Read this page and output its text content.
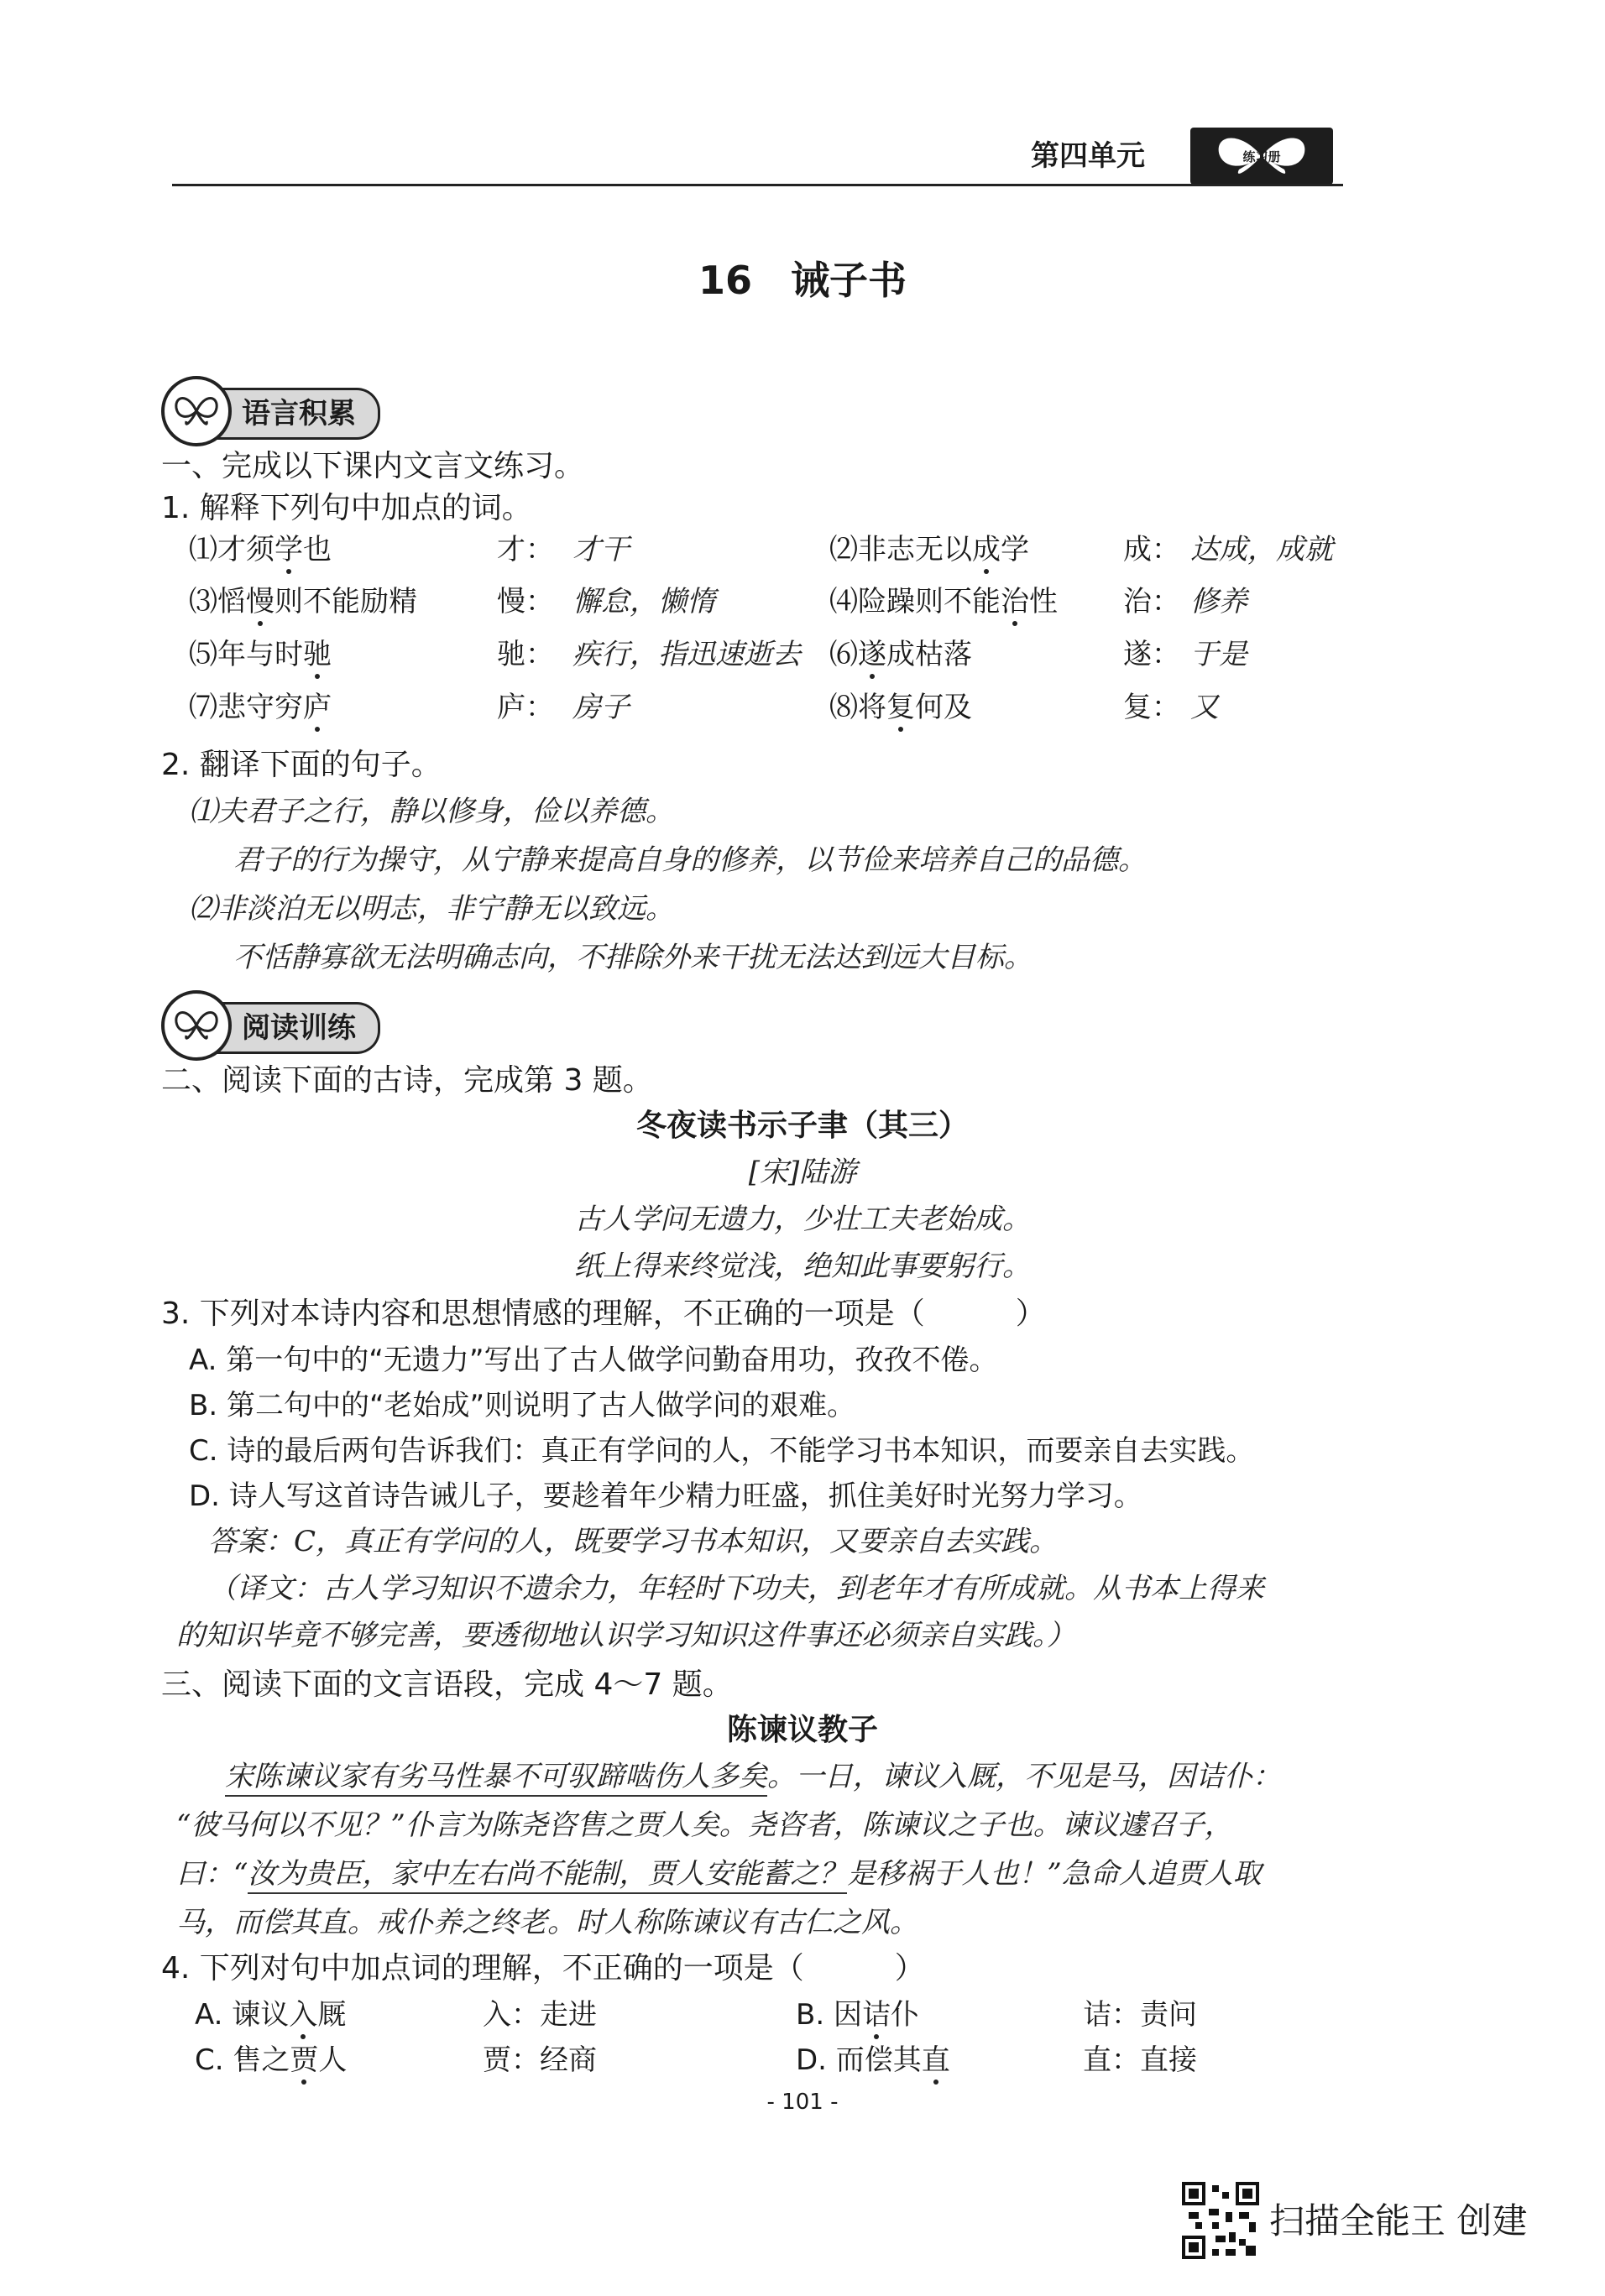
第四单元	练习册
16　诫子书
语言积累
一、完成以下课内文言文练习。
1. 解释下列句中加点的词。
⑴才须学也	才： 才干	⑵非志无以成学	成： 达成，成就
⑶慆慢则不能励精	慢： 懈怠，懒惰	⑷险躁则不能治性 治： 修养
⑸年与时驰	驰： 疾行，指迅速逝去 ⑹遂成枯落	遂： 于是
⑺悲守穷庐	庐： 房子	⑻将复何及	复： 又
2. 翻译下面的句子。
⑴夫君子之行，静以修身，俭以养德。
君子的行为操守，从宁静来提高自身的修养，以节俭来培养自己的品德。
⑵非淡泊无以明志，非宁静无以致远。
不恬静寡欲无法明确志向，不排除外来干扰无法达到远大目标。
阅读训练
二、阅读下面的古诗，完成第 3 题。
冬夜读书示子聿（其三）
[宋]陆游
古人学问无遗力，少壮工夫老始成。
纸上得来终觉浅，绝知此事要躬行。
3. 下列对本诗内容和思想情感的理解，不正确的一项是（　　　）
A. 第一句中的“无遗力”写出了古人做学问勤奋用功，孜孜不倦。
B. 第二句中的“老始成”则说明了古人做学问的艰难。
C. 诗的最后两句告诉我们：真正有学问的人，不能学习书本知识，而要亲自去实践。
D. 诗人写这首诗告诫儿子，要趁着年少精力旺盛，抓住美好时光努力学习。
答案：C，真正有学问的人，既要学习书本知识，又要亲自去实践。
（译文：古人学习知识不遗余力，年轻时下功夫，到老年才有所成就。从书本上得来
的知识毕竟不够完善，要透彻地认识学习知识这件事还必须亲自实践。）
三、阅读下面的文言语段，完成 4～7 题。
陈谏议教子
宋陈谏议家有劣马性暴不可驭蹄啮伤人多矣。一日，谏议入厩，不见是马，因诘仆：
“彼马何以不见？”仆言为陈尧咨售之贾人矣。尧咨者，陈谏议之子也。谏议遽召子，
曰：“汝为贵臣，家中左右尚不能制，贾人安能蓄之？是移祸于人也！”急命人追贾人取
马，而偿其直。戒仆养之终老。时人称陈谏议有古仁之风。
4. 下列对句中加点词的理解，不正确的一项是（　　　）
A. 谏议入厩	入：走进	B. 因诘仆	诘：责问
C. 售之贾人	贾：经商	D. 而偿其直	直：直接
- 101 -
扫描全能王 创建
